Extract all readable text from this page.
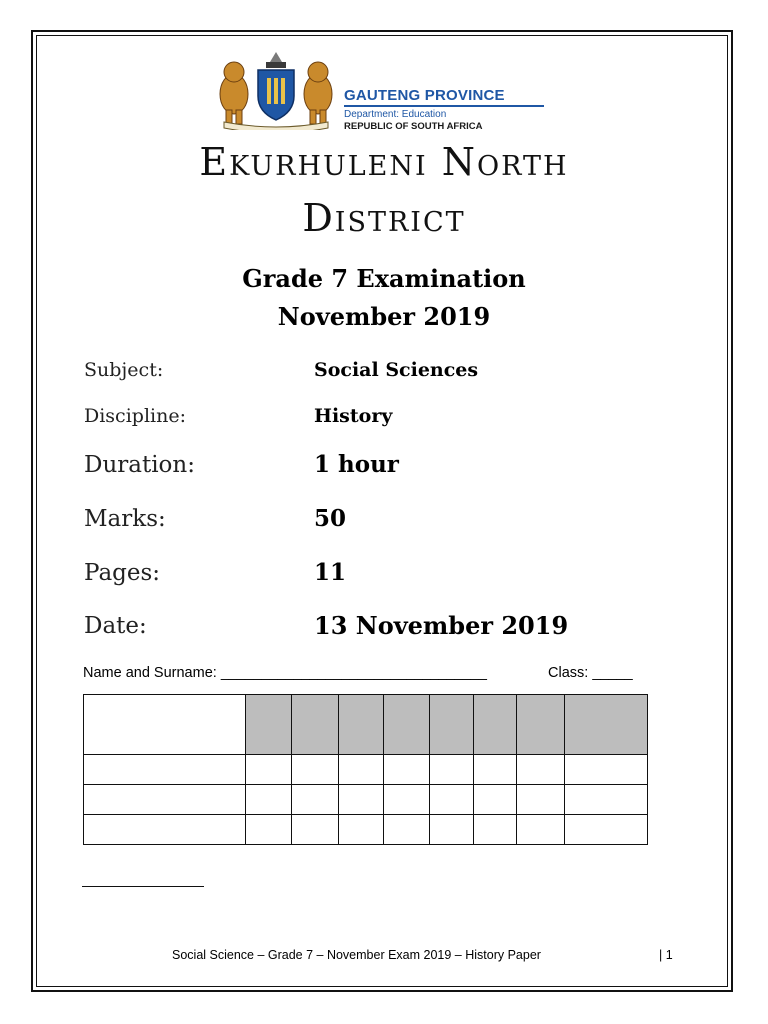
GAUTENG PROVINCE
Department: Education
REPUBLIC OF SOUTH AFRICA
Ekurhuleni North
District
Grade 7 Examination
November 2019
Subject:	Social Sciences
Discipline:	History
Duration:	1 hour
Marks:	50
Pages:	11
Date:	13 November 2019
Name and Surname: _________________________________	Class: _____

Social Science – Grade 7 – November Exam 2019 – History Paper	| 1
